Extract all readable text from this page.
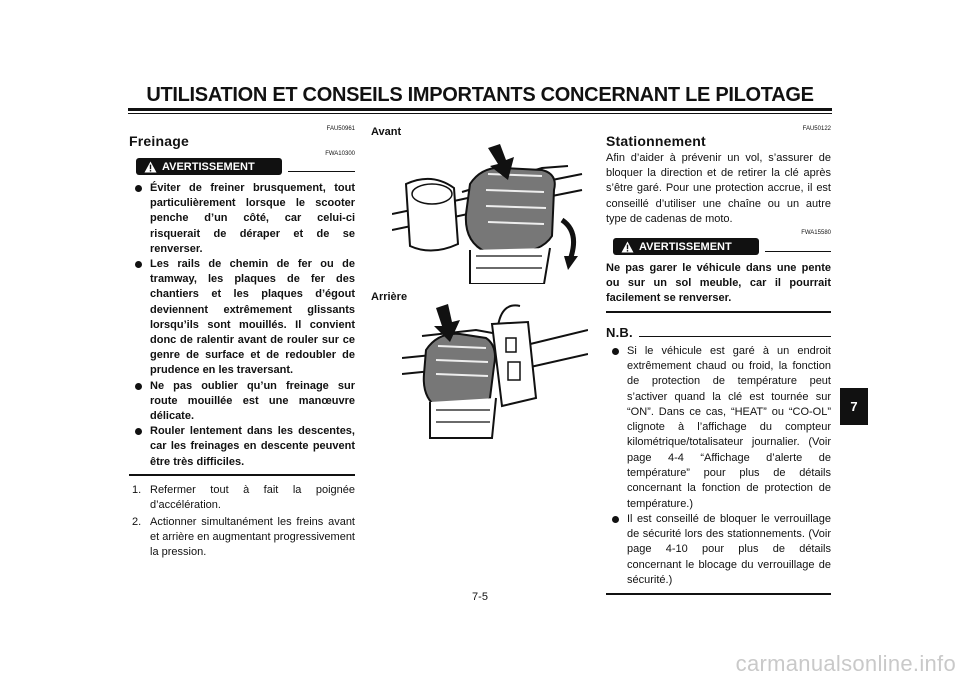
UTILISATION ET CONSEILS IMPORTANTS CONCERNANT LE PILOTAGE
FAU50961
Freinage
FWA10300
AVERTISSEMENT
Éviter de freiner brusquement, tout particulièrement lorsque le scooter penche d’un côté, car celui-ci risquerait de déraper et de se renverser.
Les rails de chemin de fer ou de tramway, les plaques de fer des chantiers et les plaques d’égout deviennent extrêmement glissants lorsqu’ils sont mouillés. Il convient donc de ralentir avant de rouler sur ce genre de surface et de redoubler de prudence en les traversant.
Ne pas oublier qu’un freinage sur route mouillée est une manœuvre délicate.
Rouler lentement dans les descentes, car les freinages en descente peuvent être très difficiles.
1. Refermer tout à fait la poignée d’accélération.
2. Actionner simultanément les freins avant et arrière en augmentant progressivement la pression.
Avant
Arrière
FAU50122
Stationnement
Afin d’aider à prévenir un vol, s’assurer de bloquer la direction et de retirer la clé après s’être garé. Pour une protection accrue, il est conseillé d’utiliser une chaîne ou un autre type de cadenas de moto.
FWA15580
AVERTISSEMENT
Ne pas garer le véhicule dans une pente ou sur un sol meuble, car il pourrait facilement se renverser.
N.B.
Si le véhicule est garé à un endroit extrêmement chaud ou froid, la fonction de protection de température peut s’activer quand la clé est tournée sur “ON”. Dans ce cas, “HEAT” ou “CO-OL” clignote à l’affichage du compteur kilométrique/totalisateur journalier. (Voir page 4-4 “Affichage d’alerte de température” pour plus de détails concernant la fonction de protection de température.)
Il est conseillé de bloquer le verrouillage de sécurité lors des stationnements. (Voir page 4-10 pour plus de détails concernant le blocage du verrouillage de sécurité.)
7
7-5
carmanualsonline.info
